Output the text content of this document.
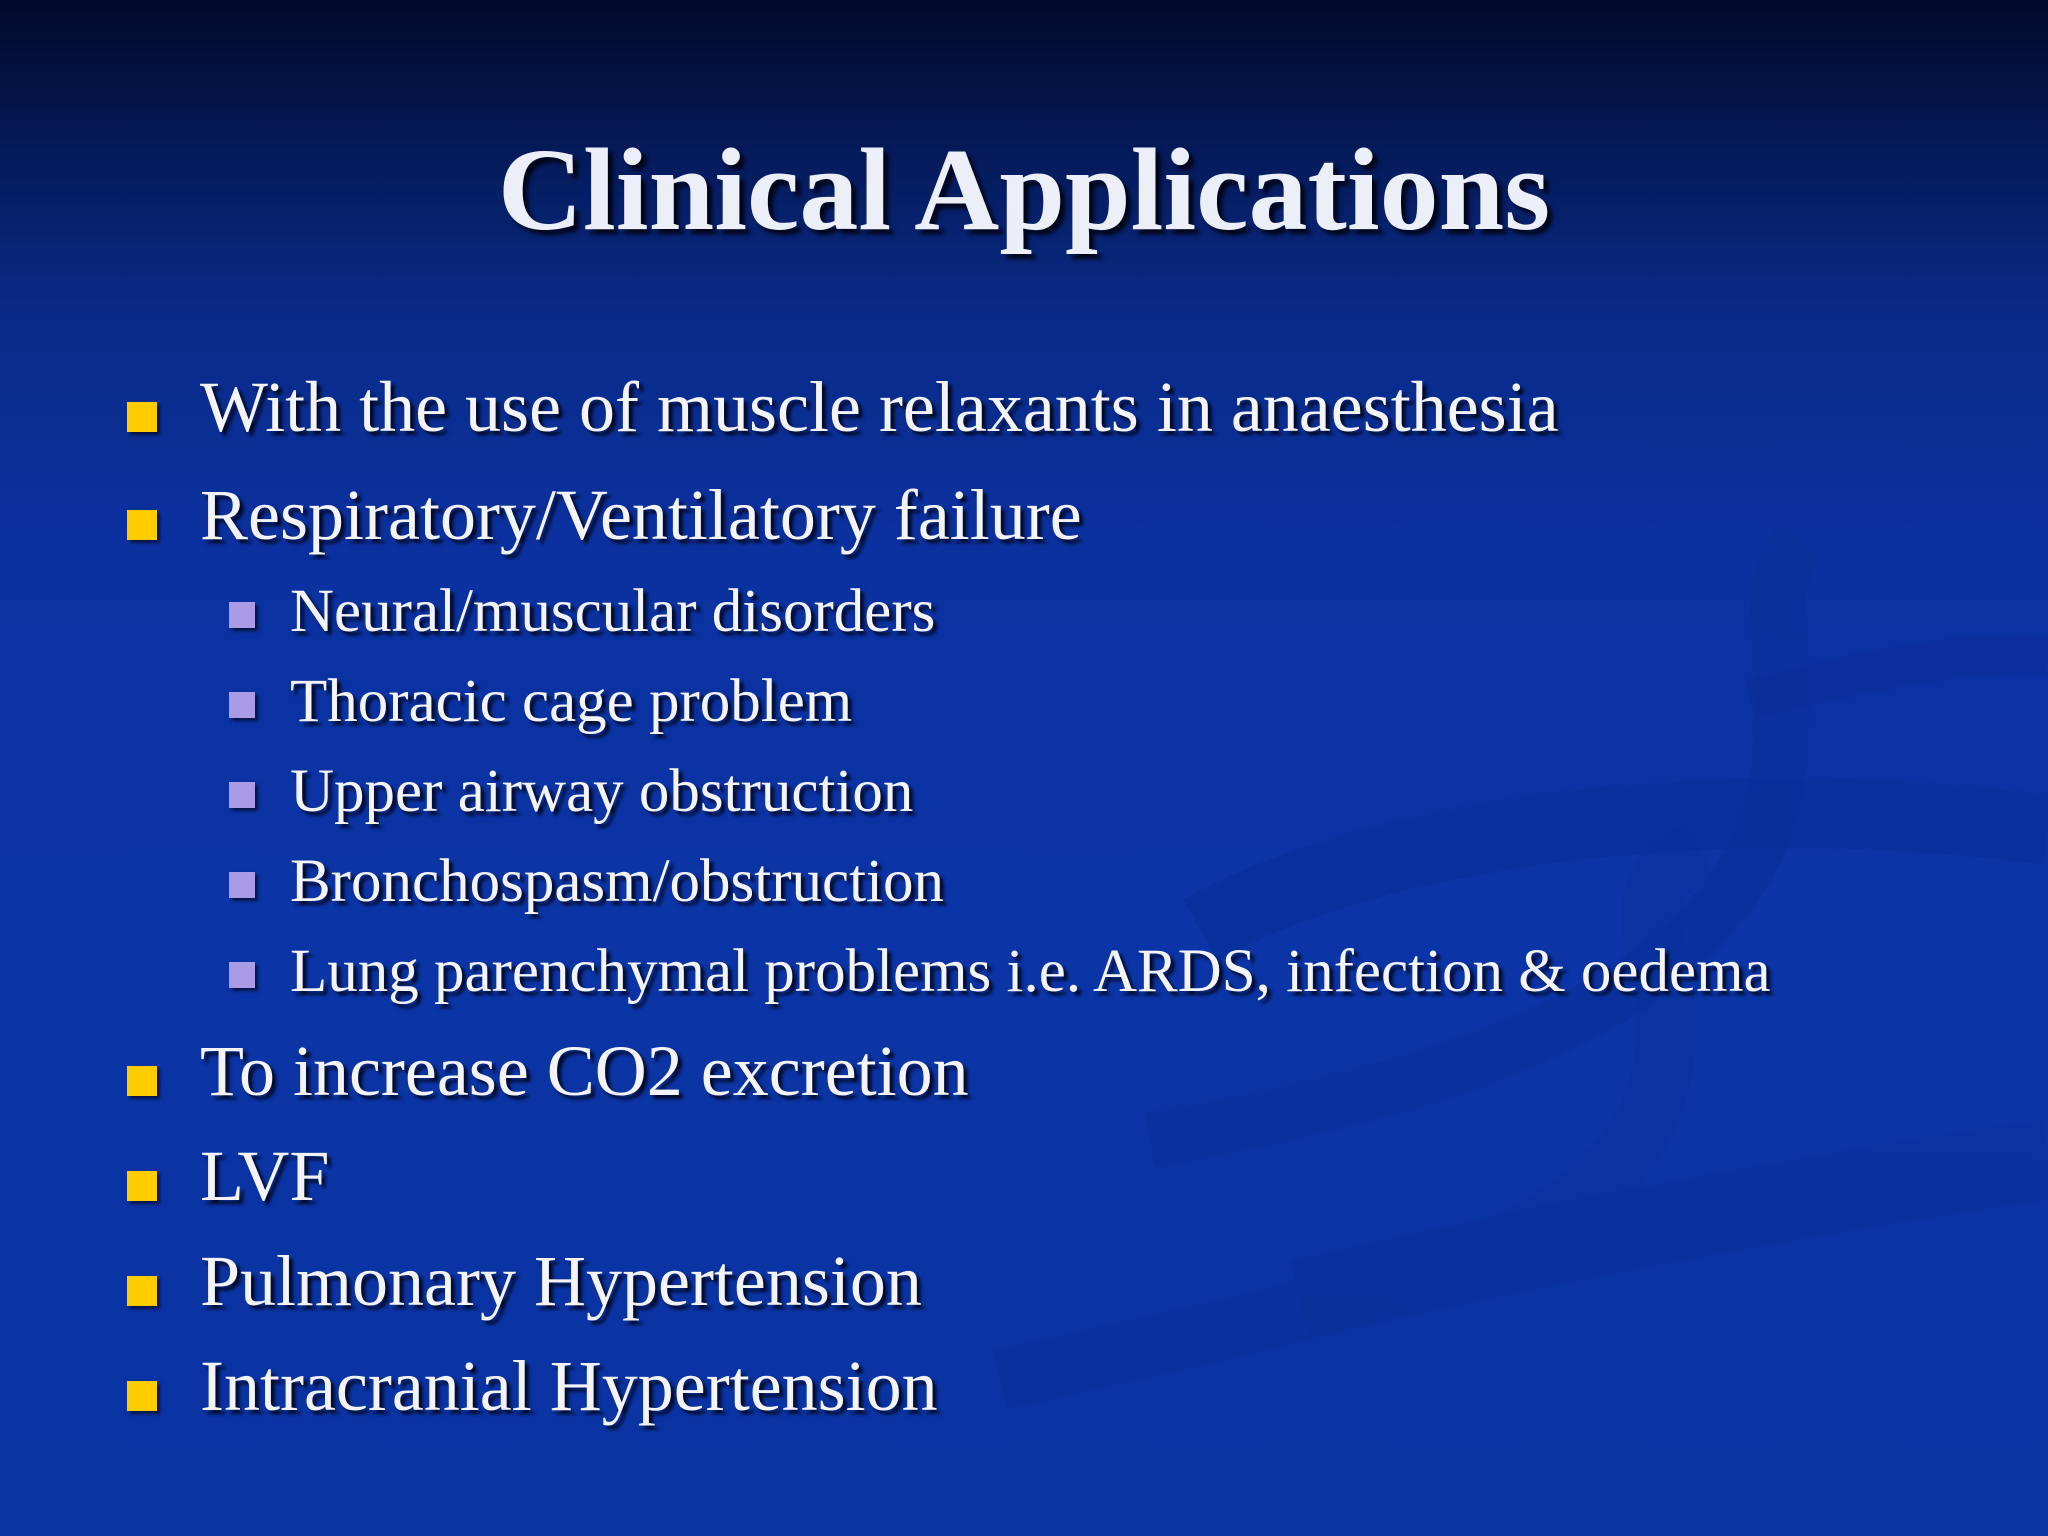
Clinical Applications
With the use of muscle relaxants in anaesthesia
Respiratory/Ventilatory failure
Neural/muscular disorders
Thoracic cage problem
Upper airway obstruction
Bronchospasm/obstruction
Lung parenchymal problems i.e. ARDS, infection & oedema
To increase CO2 excretion
LVF
Pulmonary Hypertension
Intracranial Hypertension
